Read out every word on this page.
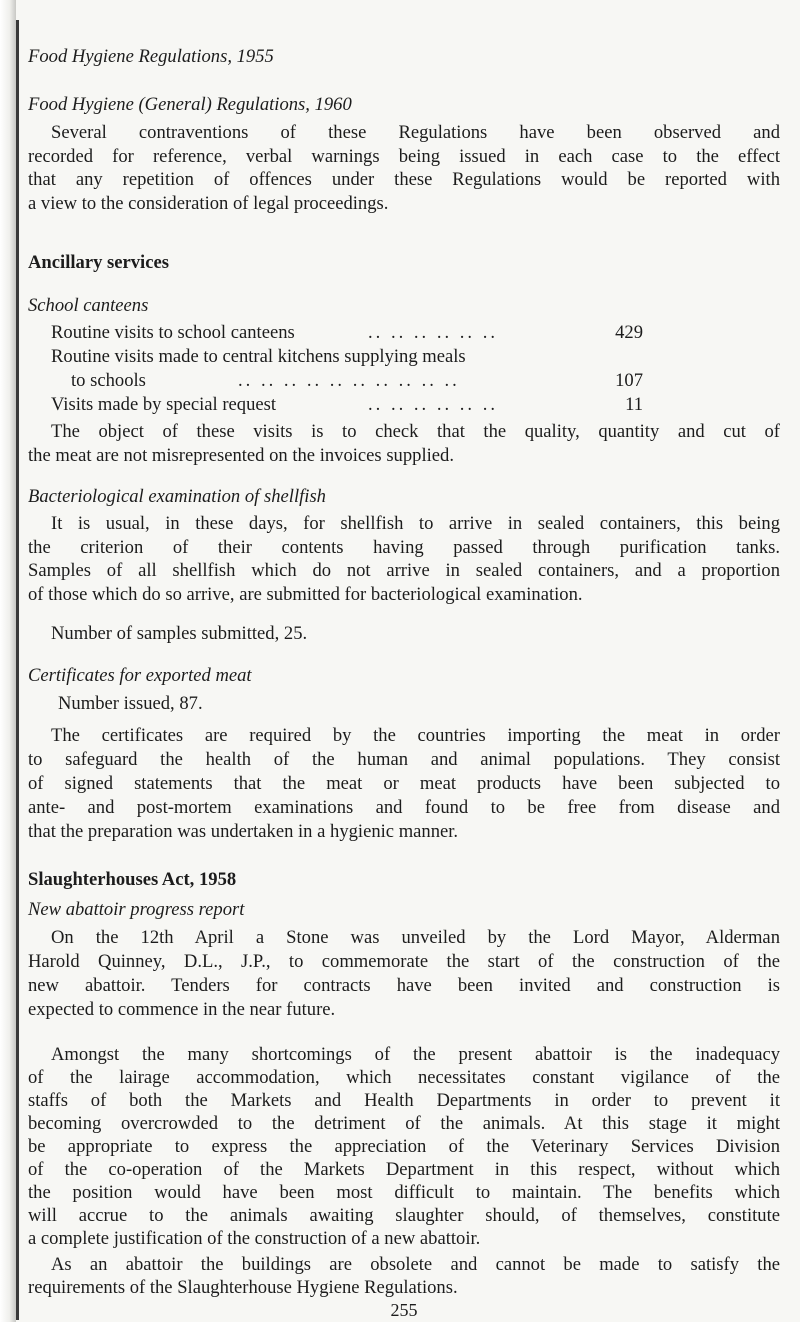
Food Hygiene Regulations, 1955
Food Hygiene (General) Regulations, 1960
Several contraventions of these Regulations have been observed and
recorded for reference, verbal warnings being issued in each case to the effect
that any repetition of offences under these Regulations would be reported with
a view to the consideration of legal proceedings.
Ancillary services
School canteens
Routine visits to school canteens	.. .. .. .. .. ..	429
Routine visits made to central kitchens supplying meals
to schools	.. .. .. .. .. .. .. .. .. ..	107
Visits made by special request	.. .. .. .. .. ..	11
The object of these visits is to check that the quality, quantity and cut of
the meat are not misrepresented on the invoices supplied.
Bacteriological examination of shellfish
It is usual, in these days, for shellfish to arrive in sealed containers, this being
the criterion of their contents having passed through purification tanks.
Samples of all shellfish which do not arrive in sealed containers, and a proportion
of those which do so arrive, are submitted for bacteriological examination.
Number of samples submitted, 25.
Certificates for exported meat
Number issued, 87.
The certificates are required by the countries importing the meat in order
to safeguard the health of the human and animal populations. They consist
of signed statements that the meat or meat products have been subjected to
ante- and post-mortem examinations and found to be free from disease and
that the preparation was undertaken in a hygienic manner.
Slaughterhouses Act, 1958
New abattoir progress report
On the 12th April a Stone was unveiled by the Lord Mayor, Alderman
Harold Quinney, D.L., J.P., to commemorate the start of the construction of the
new abattoir. Tenders for contracts have been invited and construction is
expected to commence in the near future.
Amongst the many shortcomings of the present abattoir is the inadequacy
of the lairage accommodation, which necessitates constant vigilance of the
staffs of both the Markets and Health Departments in order to prevent it
becoming overcrowded to the detriment of the animals. At this stage it might
be appropriate to express the appreciation of the Veterinary Services Division
of the co-operation of the Markets Department in this respect, without which
the position would have been most difficult to maintain. The benefits which
will accrue to the animals awaiting slaughter should, of themselves, constitute
a complete justification of the construction of a new abattoir.
As an abattoir the buildings are obsolete and cannot be made to satisfy the
requirements of the Slaughterhouse Hygiene Regulations.
255
